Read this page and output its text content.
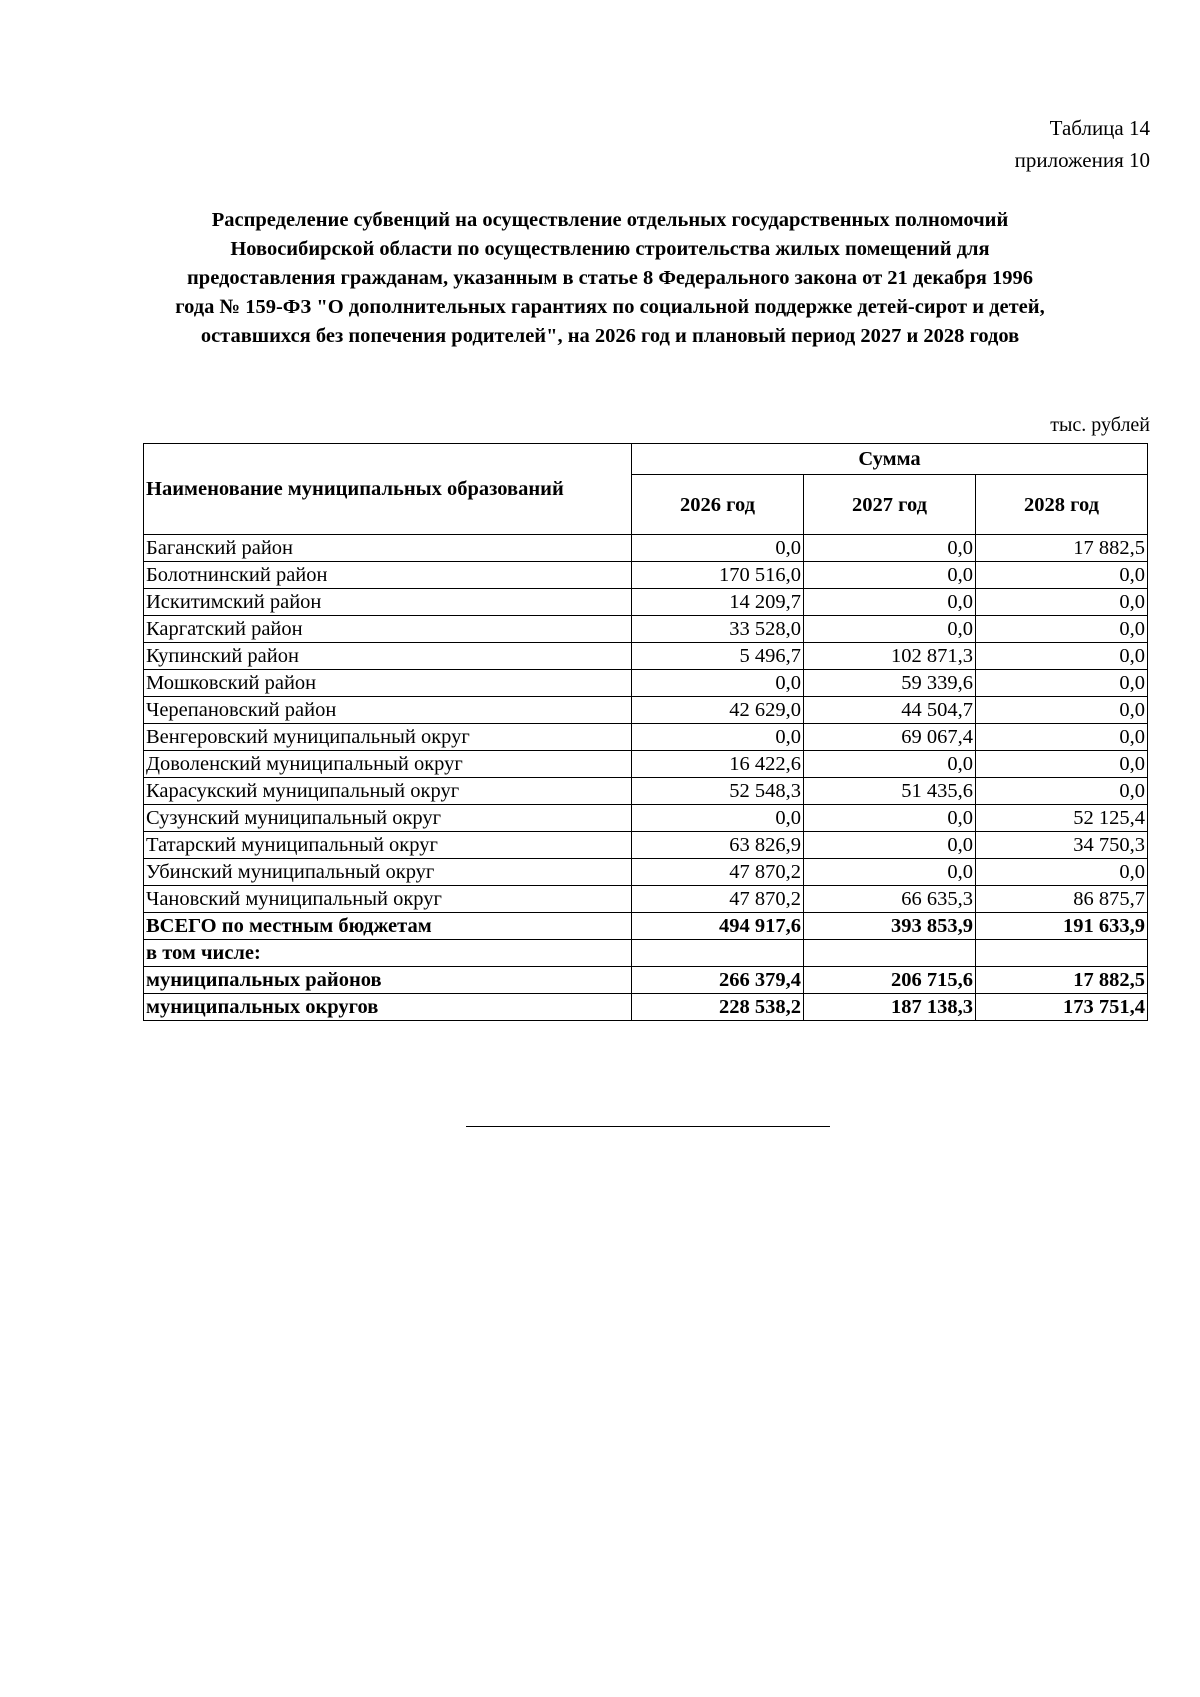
Таблица 14
приложения 10
Распределение субвенций на осуществление отдельных государственных полномочий
Новосибирской области по осуществлению строительства жилых помещений для
предоставления гражданам, указанным в статье 8 Федерального закона от 21 декабря 1996
года № 159-ФЗ "О дополнительных гарантиях по социальной поддержке детей-сирот и детей,
оставшихся без попечения родителей", на 2026 год и плановый период 2027 и 2028 годов
тыс. рублей
Наименование муниципальных образований	Сумма		
	2026 год	2027 год	2028 год
Баганский район	0,0	0,0	17 882,5
Болотнинский район	170 516,0	0,0	0,0
Искитимский район	14 209,7	0,0	0,0
Каргатский район	33 528,0	0,0	0,0
Купинский район	5 496,7	102 871,3	0,0
Мошковский район	0,0	59 339,6	0,0
Черепановский район	42 629,0	44 504,7	0,0
Венгеровский муниципальный округ	0,0	69 067,4	0,0
Доволенский муниципальный округ	16 422,6	0,0	0,0
Карасукский муниципальный округ	52 548,3	51 435,6	0,0
Сузунский муниципальный округ	0,0	0,0	52 125,4
Татарский муниципальный округ	63 826,9	0,0	34 750,3
Убинский муниципальный округ	47 870,2	0,0	0,0
Чановский муниципальный округ	47 870,2	66 635,3	86 875,7
ВСЕГО по местным бюджетам	494 917,6	393 853,9	191 633,9
в том числе:			
муниципальных районов	266 379,4	206 715,6	17 882,5
муниципальных округов	228 538,2	187 138,3	173 751,4
